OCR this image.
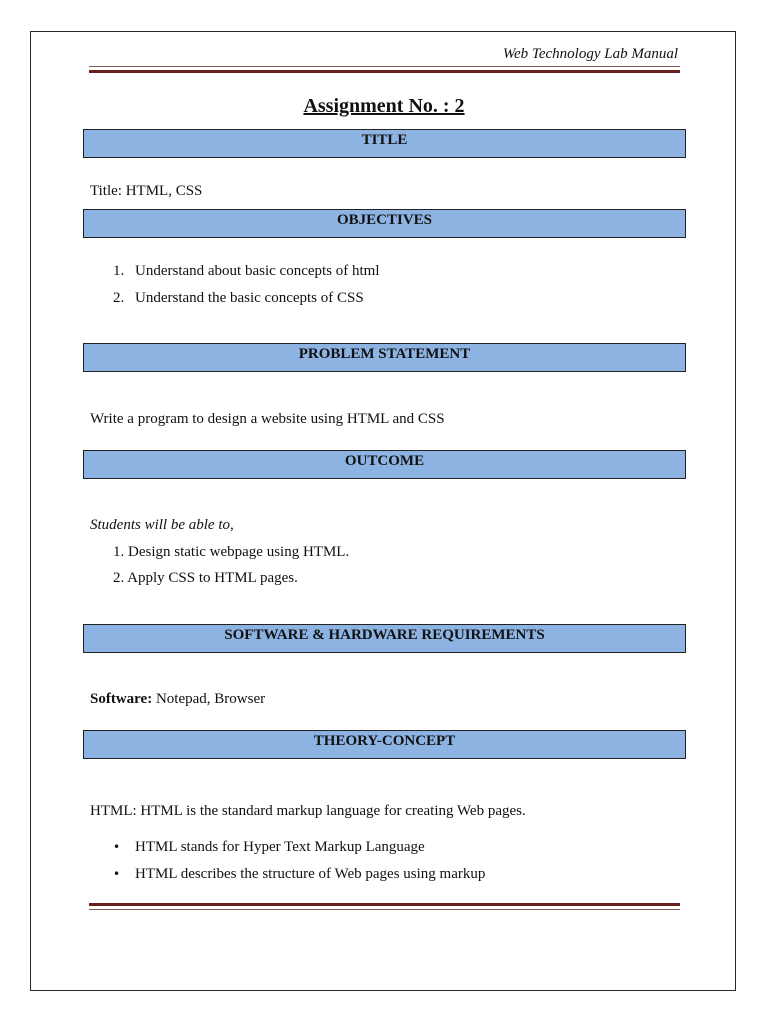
Web Technology Lab Manual
Assignment No. : 2
TITLE
Title: HTML, CSS
OBJECTIVES
1. Understand about basic concepts of html
2. Understand the basic concepts of CSS
PROBLEM STATEMENT
Write a program to design a website using HTML and CSS
OUTCOME
Students will be able to,
1. Design static webpage using HTML.
2. Apply CSS to HTML pages.
SOFTWARE & HARDWARE REQUIREMENTS
Software: Notepad, Browser
THEORY-CONCEPT
HTML: HTML is the standard markup language for creating Web pages.
• HTML stands for Hyper Text Markup Language
• HTML describes the structure of Web pages using markup
